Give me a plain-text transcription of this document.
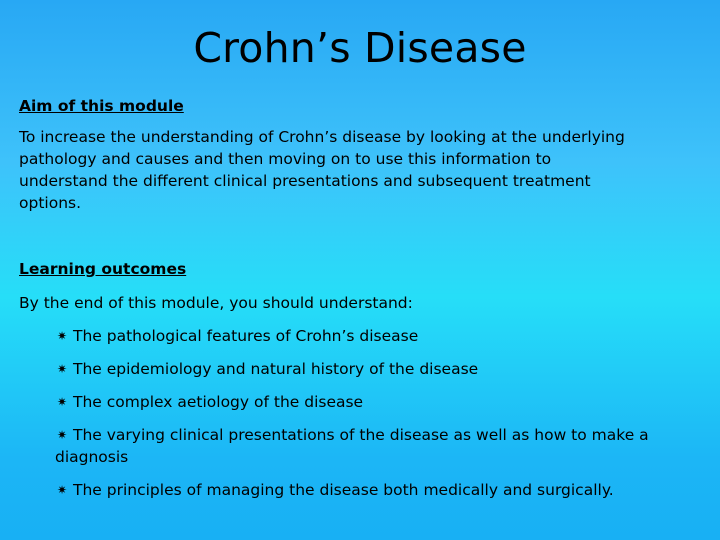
Crohn’s Disease

Aim of this module

To increase the understanding of Crohn’s disease by looking at the underlying pathology and causes and then moving on to use this information to understand the different clinical presentations and subsequent treatment options.

Learning outcomes

By the end of this module, you should understand:

✷ The pathological features of Crohn’s disease
✷ The epidemiology and natural history of the disease
✷ The complex aetiology of the disease
✷ The varying clinical presentations of the disease as well as how to make a       diagnosis
✷ The principles of managing the disease both medically and surgically.
